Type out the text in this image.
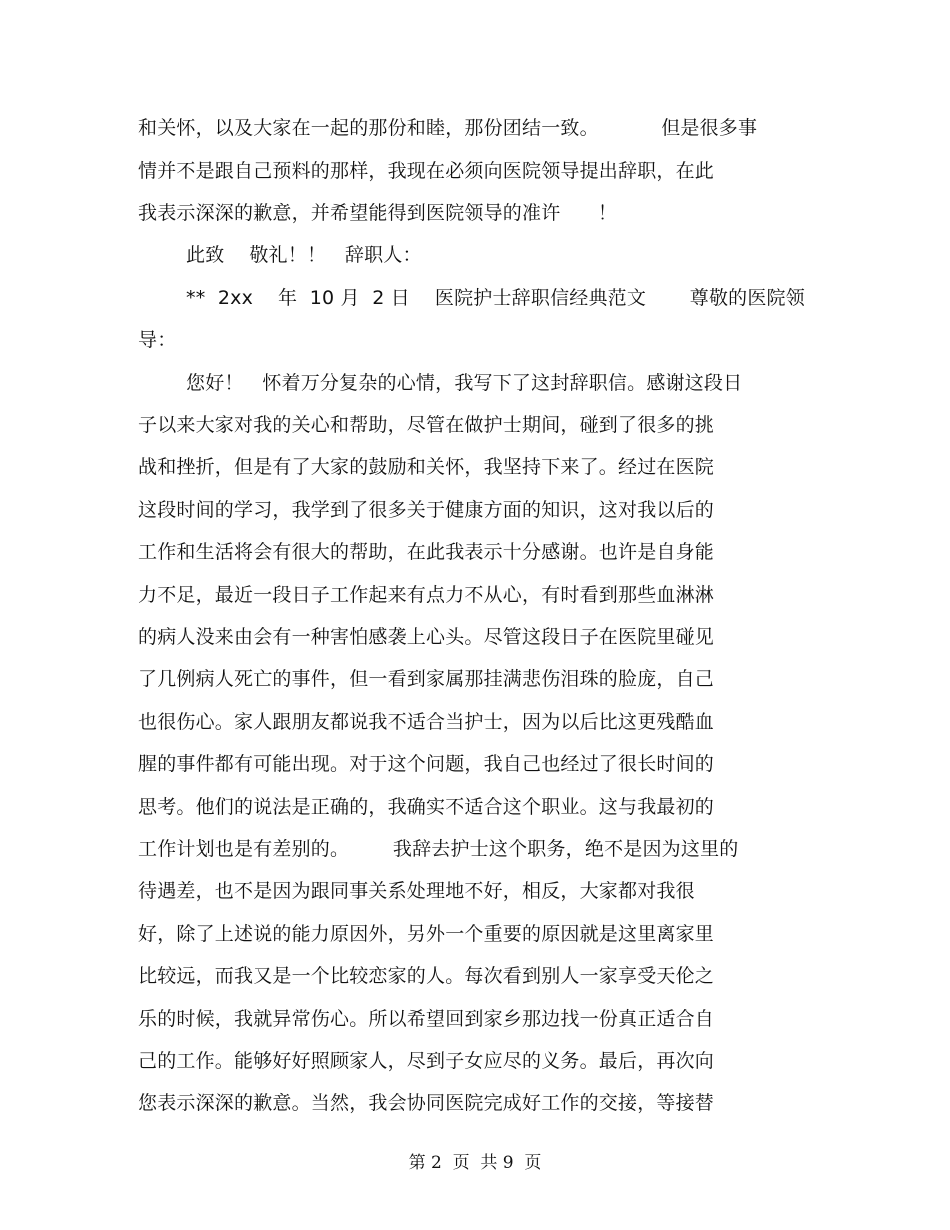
和关怀，以及大家在一起的那份和睦，那份团结一致。          但是很多事
情并不是跟自己预料的那样，我现在必须向医院领导提出辞职，在此
我表示深深的歉意，并希望能得到医院领导的准许      ！
此致    敬礼！！   辞职人：
**  2xx    年  10 月  2 日    医院护士辞职信经典范文       尊敬的医院领
导：
您好！   怀着万分复杂的心情，我写下了这封辞职信。感谢这段日
子以来大家对我的关心和帮助，尽管在做护士期间，碰到了很多的挑
战和挫折，但是有了大家的鼓励和关怀，我坚持下来了。经过在医院
这段时间的学习，我学到了很多关于健康方面的知识，这对我以后的
工作和生活将会有很大的帮助，在此我表示十分感谢。也许是自身能
力不足，最近一段日子工作起来有点力不从心，有时看到那些血淋淋
的病人没来由会有一种害怕感袭上心头。尽管这段日子在医院里碰见
了几例病人死亡的事件，但一看到家属那挂满悲伤泪珠的脸庞，自己
也很伤心。家人跟朋友都说我不适合当护士，因为以后比这更残酷血
腥的事件都有可能出现。对于这个问题，我自己也经过了很长时间的
思考。他们的说法是正确的，我确实不适合这个职业。这与我最初的
工作计划也是有差别的。       我辞去护士这个职务，绝不是因为这里的
待遇差，也不是因为跟同事关系处理地不好，相反，大家都对我很
好，除了上述说的能力原因外，另外一个重要的原因就是这里离家里
比较远，而我又是一个比较恋家的人。每次看到别人一家享受天伦之
乐的时候，我就异常伤心。所以希望回到家乡那边找一份真正适合自
己的工作。能够好好照顾家人，尽到子女应尽的义务。最后，再次向
您表示深深的歉意。当然，我会协同医院完成好工作的交接，等接替
第 2  页  共 9  页
